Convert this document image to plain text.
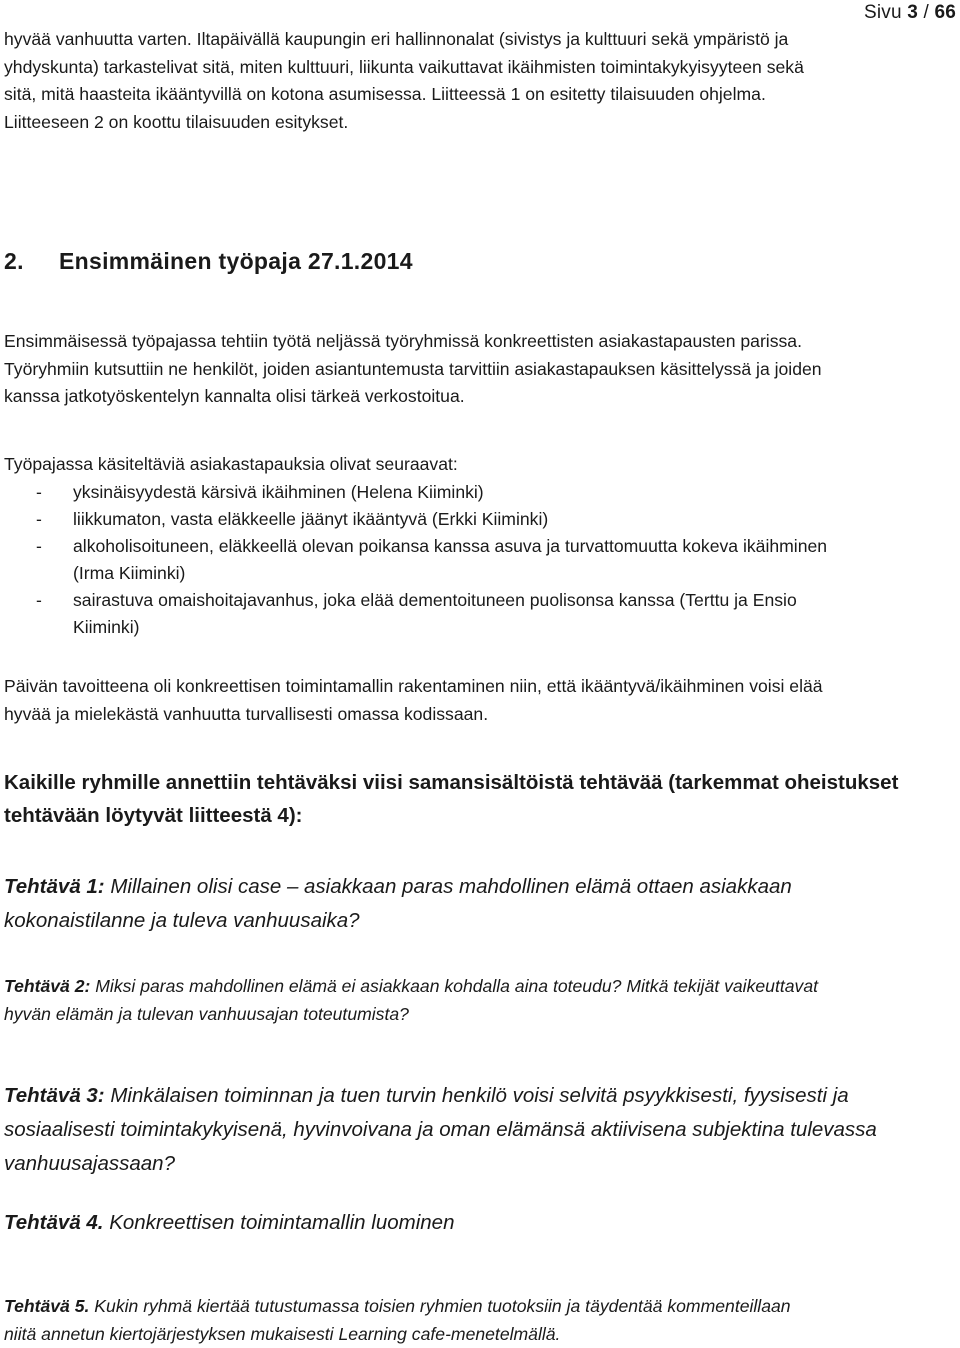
Sivu 3 / 66

hyvää vanhuutta varten. Iltapäivällä kaupungin eri hallinnonalat (sivistys ja kulttuuri sekä ympäristö ja

yhdyskunta) tarkastelivat sitä, miten kulttuuri, liikunta vaikuttavat ikäihmisten toimintakykyisyyteen sekä

sitä, mitä haasteita ikääntyvillä on kotona asumisessa. Liitteessä 1 on esitetty tilaisuuden ohjelma.

Liitteeseen 2 on koottu tilaisuuden esitykset.

2. Ensimmäinen työpaja 27.1.2014

Ensimmäisessä työpajassa tehtiin työtä neljässä työryhmissä konkreettisten asiakastapausten parissa.

Työryhmiin kutsuttiin ne henkilöt, joiden asiantuntemusta tarvittiin asiakastapauksen käsittelyssä ja joiden

kanssa jatkotyöskentelyn kannalta olisi tärkeä verkostoitua.

Työpajassa käsiteltäviä asiakastapauksia olivat seuraavat:

- yksinäisyydestä kärsivä ikäihminen (Helena Kiiminki)
- liikkumaton, vasta eläkkeelle jäänyt ikääntyvä (Erkki Kiiminki)
- alkoholisoituneen, eläkkeellä olevan poikansa kanssa asuva ja turvattomuutta kokeva ikäihminen
(Irma Kiiminki)
- sairastuva omaishoitajavanhus, joka elää dementoituneen puolisonsa kanssa (Terttu ja Ensio
Kiiminki)

Päivän tavoitteena oli konkreettisen toimintamallin rakentaminen niin, että ikääntyvä/ikäihminen voisi elää

hyvää ja mielekästä vanhuutta turvallisesti omassa kodissaan.

Kaikille ryhmille annettiin tehtäväksi viisi samansisältöistä tehtävää (tarkemmat oheistukset

tehtävään löytyvät liitteestä 4):

Tehtävä 1: Millainen olisi case – asiakkaan paras mahdollinen elämä ottaen asiakkaan

kokonaistilanne ja tuleva vanhuusaika?

Tehtävä 2: Miksi paras mahdollinen elämä ei asiakkaan kohdalla aina toteudu? Mitkä tekijät vaikeuttavat

hyvän elämän ja tulevan vanhuusajan toteutumista?

Tehtävä 3: Minkälaisen toiminnan ja tuen turvin henkilö voisi selvitä psyykkisesti, fyysisesti ja

sosiaalisesti toimintakykyisenä, hyvinvoivana ja oman elämänsä aktiivisena subjektina tulevassa

vanhuusajassaan?

Tehtävä 4. Konkreettisen toimintamallin luominen

Tehtävä 5. Kukin ryhmä kiertää tutustumassa toisien ryhmien tuotoksiin ja täydentää kommenteillaan

niitä annetun kiertojärjestyksen mukaisesti Learning cafe-menetelmällä.
